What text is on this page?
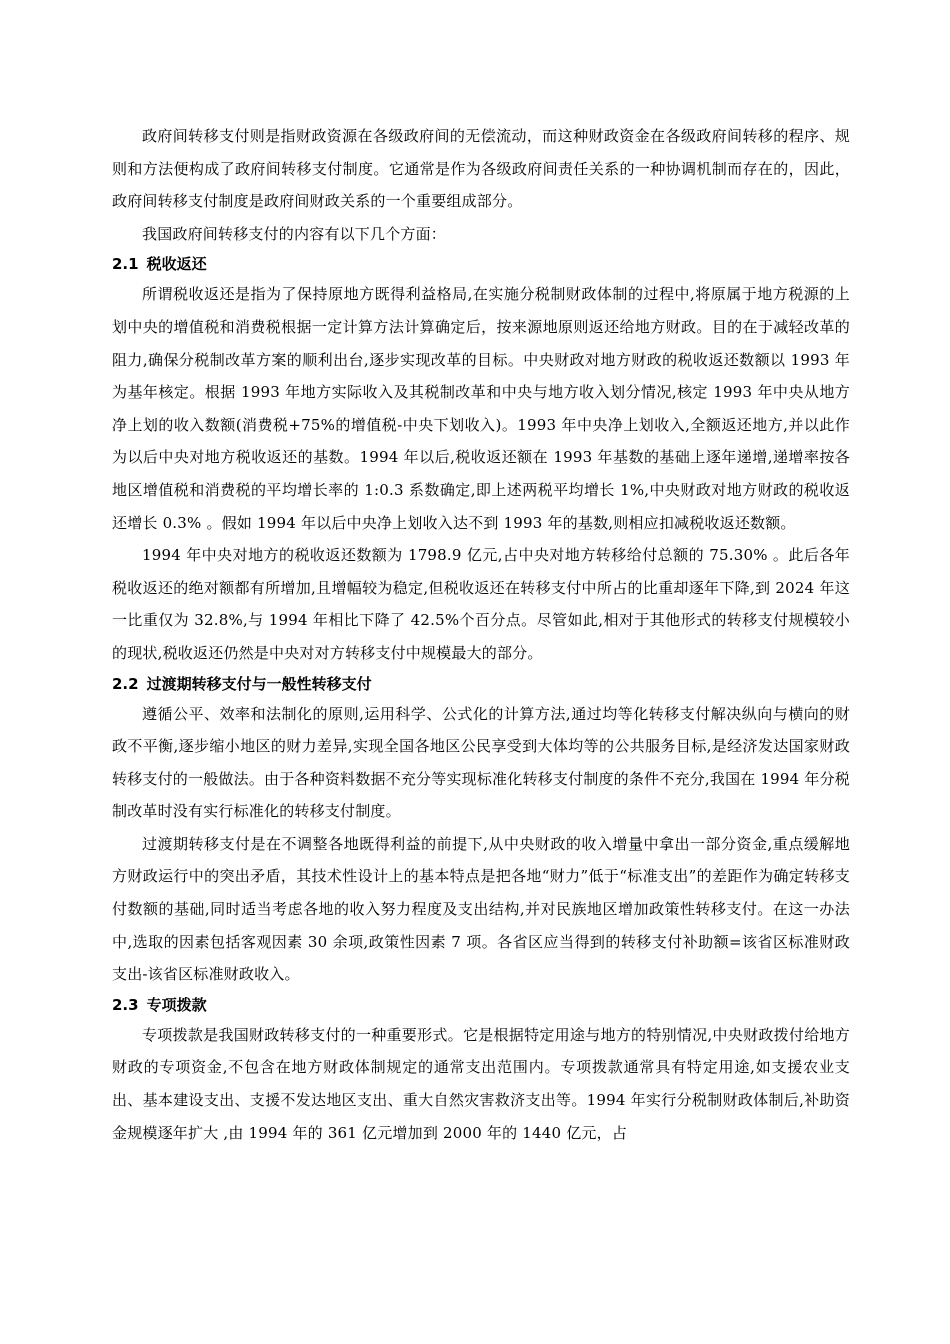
政府间转移支付则是指财政资源在各级政府间的无偿流动，而这种财政资金在各级政府间转移的程序、规则和方法便构成了政府间转移支付制度。它通常是作为各级政府间责任关系的一种协调机制而存在的，因此，政府间转移支付制度是政府间财政关系的一个重要组成部分。

我国政府间转移支付的内容有以下几个方面：

2.1 税收返还

所谓税收返还是指为了保持原地方既得利益格局,在实施分税制财政体制的过程中,将原属于地方税源的上划中央的增值税和消费税根据一定计算方法计算确定后，按来源地原则返还给地方财政。目的在于减轻改革的阻力,确保分税制改革方案的顺利出台,逐步实现改革的目标。中央财政对地方财政的税收返还数额以 1993 年为基年核定。根据 1993 年地方实际收入及其税制改革和中央与地方收入划分情况,核定 1993 年中央从地方净上划的收入数额(消费税+75%的增值税-中央下划收入)。1993 年中央净上划收入,全额返还地方,并以此作为以后中央对地方税收返还的基数。1994 年以后,税收返还额在 1993 年基数的基础上逐年递增,递增率按各地区增值税和消费税的平均增长率的 1:0.3 系数确定,即上述两税平均增长 1%,中央财政对地方财政的税收返还增长 0.3% 。假如 1994 年以后中央净上划收入达不到 1993 年的基数,则相应扣减税收返还数额。

1994 年中央对地方的税收返还数额为 1798.9 亿元,占中央对地方转移给付总额的 75.30% 。此后各年税收返还的绝对额都有所增加,且增幅较为稳定,但税收返还在转移支付中所占的比重却逐年下降,到 2024 年这一比重仅为 32.8%,与 1994 年相比下降了 42.5%个百分点。尽管如此,相对于其他形式的转移支付规模较小的现状,税收返还仍然是中央对对方转移支付中规模最大的部分。

2.2 过渡期转移支付与一般性转移支付

遵循公平、效率和法制化的原则,运用科学、公式化的计算方法,通过均等化转移支付解决纵向与横向的财政不平衡,逐步缩小地区的财力差异,实现全国各地区公民享受到大体均等的公共服务目标,是经济发达国家财政转移支付的一般做法。由于各种资料数据不充分等实现标准化转移支付制度的条件不充分,我国在 1994 年分税制改革时没有实行标准化的转移支付制度。

过渡期转移支付是在不调整各地既得利益的前提下,从中央财政的收入增量中拿出一部分资金,重点缓解地方财政运行中的突出矛盾，其技术性设计上的基本特点是把各地“财力”低于“标准支出”的差距作为确定转移支付数额的基础,同时适当考虑各地的收入努力程度及支出结构,并对民族地区增加政策性转移支付。在这一办法中,选取的因素包括客观因素 30 余项,政策性因素 7 项。各省区应当得到的转移支付补助额=该省区标准财政支出-该省区标准财政收入。

2.3 专项拨款

专项拨款是我国财政转移支付的一种重要形式。它是根据特定用途与地方的特别情况,中央财政拨付给地方财政的专项资金,不包含在地方财政体制规定的通常支出范围内。专项拨款通常具有特定用途,如支援农业支出、基本建设支出、支援不发达地区支出、重大自然灾害救济支出等。1994 年实行分税制财政体制后,补助资金规模逐年扩大 ,由 1994 年的 361 亿元增加到 2000 年的 1440 亿元，占
